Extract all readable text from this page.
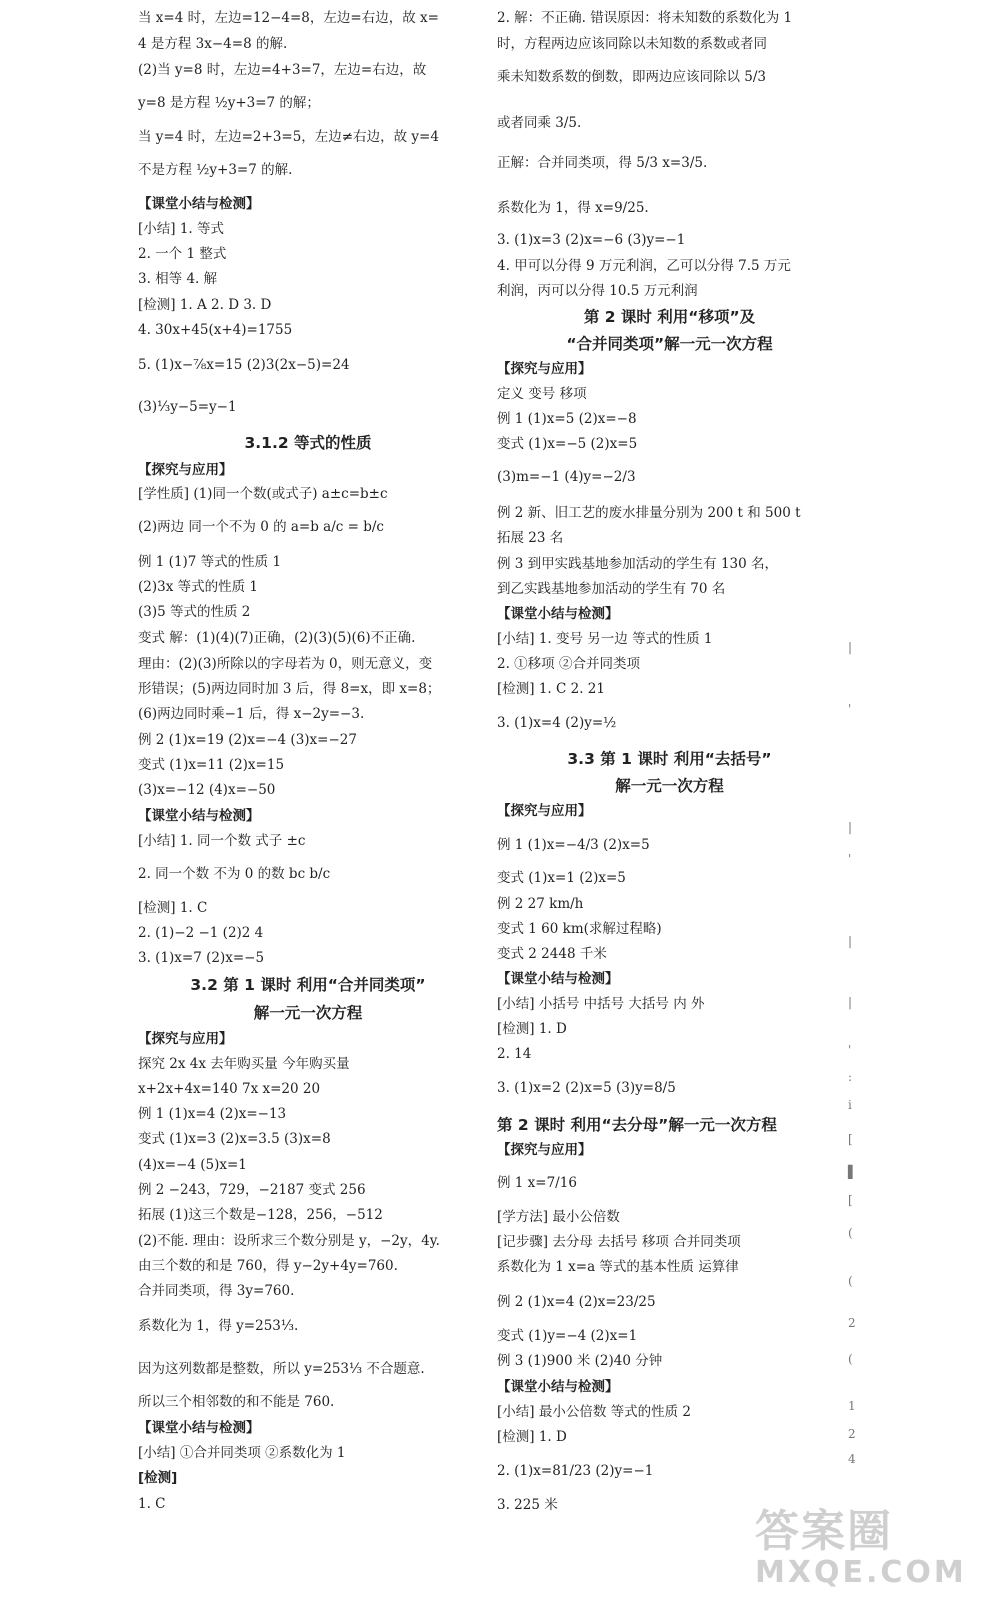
当 x=4 时，左边=12−4=8，左边=右边，故 x=
4 是方程 3x−4=8 的解.
(2)当 y=8 时，左边=4+3=7，左边=右边，故
y=8 是方程 ½y+3=7 的解；
当 y=4 时，左边=2+3=5，左边≠右边，故 y=4
不是方程 ½y+3=7 的解.
【课堂小结与检测】
[小结] 1. 等式
2. 一个 1 整式
3. 相等 4. 解
[检测] 1. A 2. D 3. D
4. 30x+45(x+4)=1755
5. (1)x−⁷⁄₈x=15 (2)3(2x−5)=24
(3)⅓y−5=y−1
3.1.2 等式的性质
【探究与应用】
[学性质] (1)同一个数(或式子) a±c=b±c
(2)两边 同一个不为 0 的 a=b a/c = b/c
例 1 (1)7 等式的性质 1
(2)3x 等式的性质 1
(3)5 等式的性质 2
变式 解：(1)(4)(7)正确，(2)(3)(5)(6)不正确.
理由：(2)(3)所除以的字母若为 0，则无意义，变
形错误；(5)两边同时加 3 后，得 8=x，即 x=8；
(6)两边同时乘−1 后，得 x−2y=−3.
例 2 (1)x=19 (2)x=−4 (3)x=−27
变式 (1)x=11 (2)x=15
(3)x=−12 (4)x=−50
【课堂小结与检测】
[小结] 1. 同一个数 式子 ±c
2. 同一个数 不为 0 的数 bc b/c
[检测] 1. C
2. (1)−2 −1 (2)2 4
3. (1)x=7 (2)x=−5
3.2 第 1 课时 利用“合并同类项”
解一元一次方程
【探究与应用】
探究 2x 4x 去年购买量 今年购买量
x+2x+4x=140 7x x=20 20
例 1 (1)x=4 (2)x=−13
变式 (1)x=3 (2)x=3.5 (3)x=8
(4)x=−4 (5)x=1
例 2 −243，729，−2187 变式 256
拓展 (1)这三个数是−128，256，−512
(2)不能. 理由：设所求三个数分别是 y，−2y，4y.
由三个数的和是 760，得 y−2y+4y=760.
合并同类项，得 3y=760.
系数化为 1，得 y=253⅓.
因为这列数都是整数，所以 y=253⅓ 不合题意.
所以三个相邻数的和不能是 760.
【课堂小结与检测】
[小结] ①合并同类项 ②系数化为 1
[检测]
1. C
2. 解：不正确. 错误原因：将未知数的系数化为 1
时，方程两边应该同除以未知数的系数或者同
乘未知数系数的倒数，即两边应该同除以 5/3
或者同乘 3/5.
正解：合并同类项，得 5/3 x=3/5.
系数化为 1，得 x=9/25.
3. (1)x=3 (2)x=−6 (3)y=−1
4. 甲可以分得 9 万元利润，乙可以分得 7.5 万元
利润，丙可以分得 10.5 万元利润
第 2 课时 利用“移项”及
“合并同类项”解一元一次方程
【探究与应用】
定义 变号 移项
例 1 (1)x=5 (2)x=−8
变式 (1)x=−5 (2)x=5
(3)m=−1 (4)y=−2/3
例 2 新、旧工艺的废水排量分别为 200 t 和 500 t
拓展 23 名
例 3 到甲实践基地参加活动的学生有 130 名，
到乙实践基地参加活动的学生有 70 名
【课堂小结与检测】
[小结] 1. 变号 另一边 等式的性质 1
2. ①移项 ②合并同类项
[检测] 1. C 2. 21
3. (1)x=4 (2)y=½
3.3 第 1 课时 利用“去括号”
解一元一次方程
【探究与应用】
例 1 (1)x=−4/3 (2)x=5
变式 (1)x=1 (2)x=5
例 2 27 km/h
变式 1 60 km(求解过程略)
变式 2 2448 千米
【课堂小结与检测】
[小结] 小括号 中括号 大括号 内 外
[检测] 1. D
2. 14
3. (1)x=2 (2)x=5 (3)y=8/5
第 2 课时 利用“去分母”解一元一次方程
【探究与应用】
例 1 x=7/16
[学方法] 最小公倍数
[记步骤] 去分母 去括号 移项 合并同类项
系数化为 1 x=a 等式的基本性质 运算律
例 2 (1)x=4 (2)x=23/25
变式 (1)y=−4 (2)x=1
例 3 (1)900 米 (2)40 分钟
【课堂小结与检测】
[小结] 最小公倍数 等式的性质 2
[检测] 1. D
2. (1)x=81/23 (2)y=−1
3. 225 米
|
'
|
'
|
|
'
:
i
[
▌
[
(
(
2
(
1
2
4
答案圈
MXQE.COM
